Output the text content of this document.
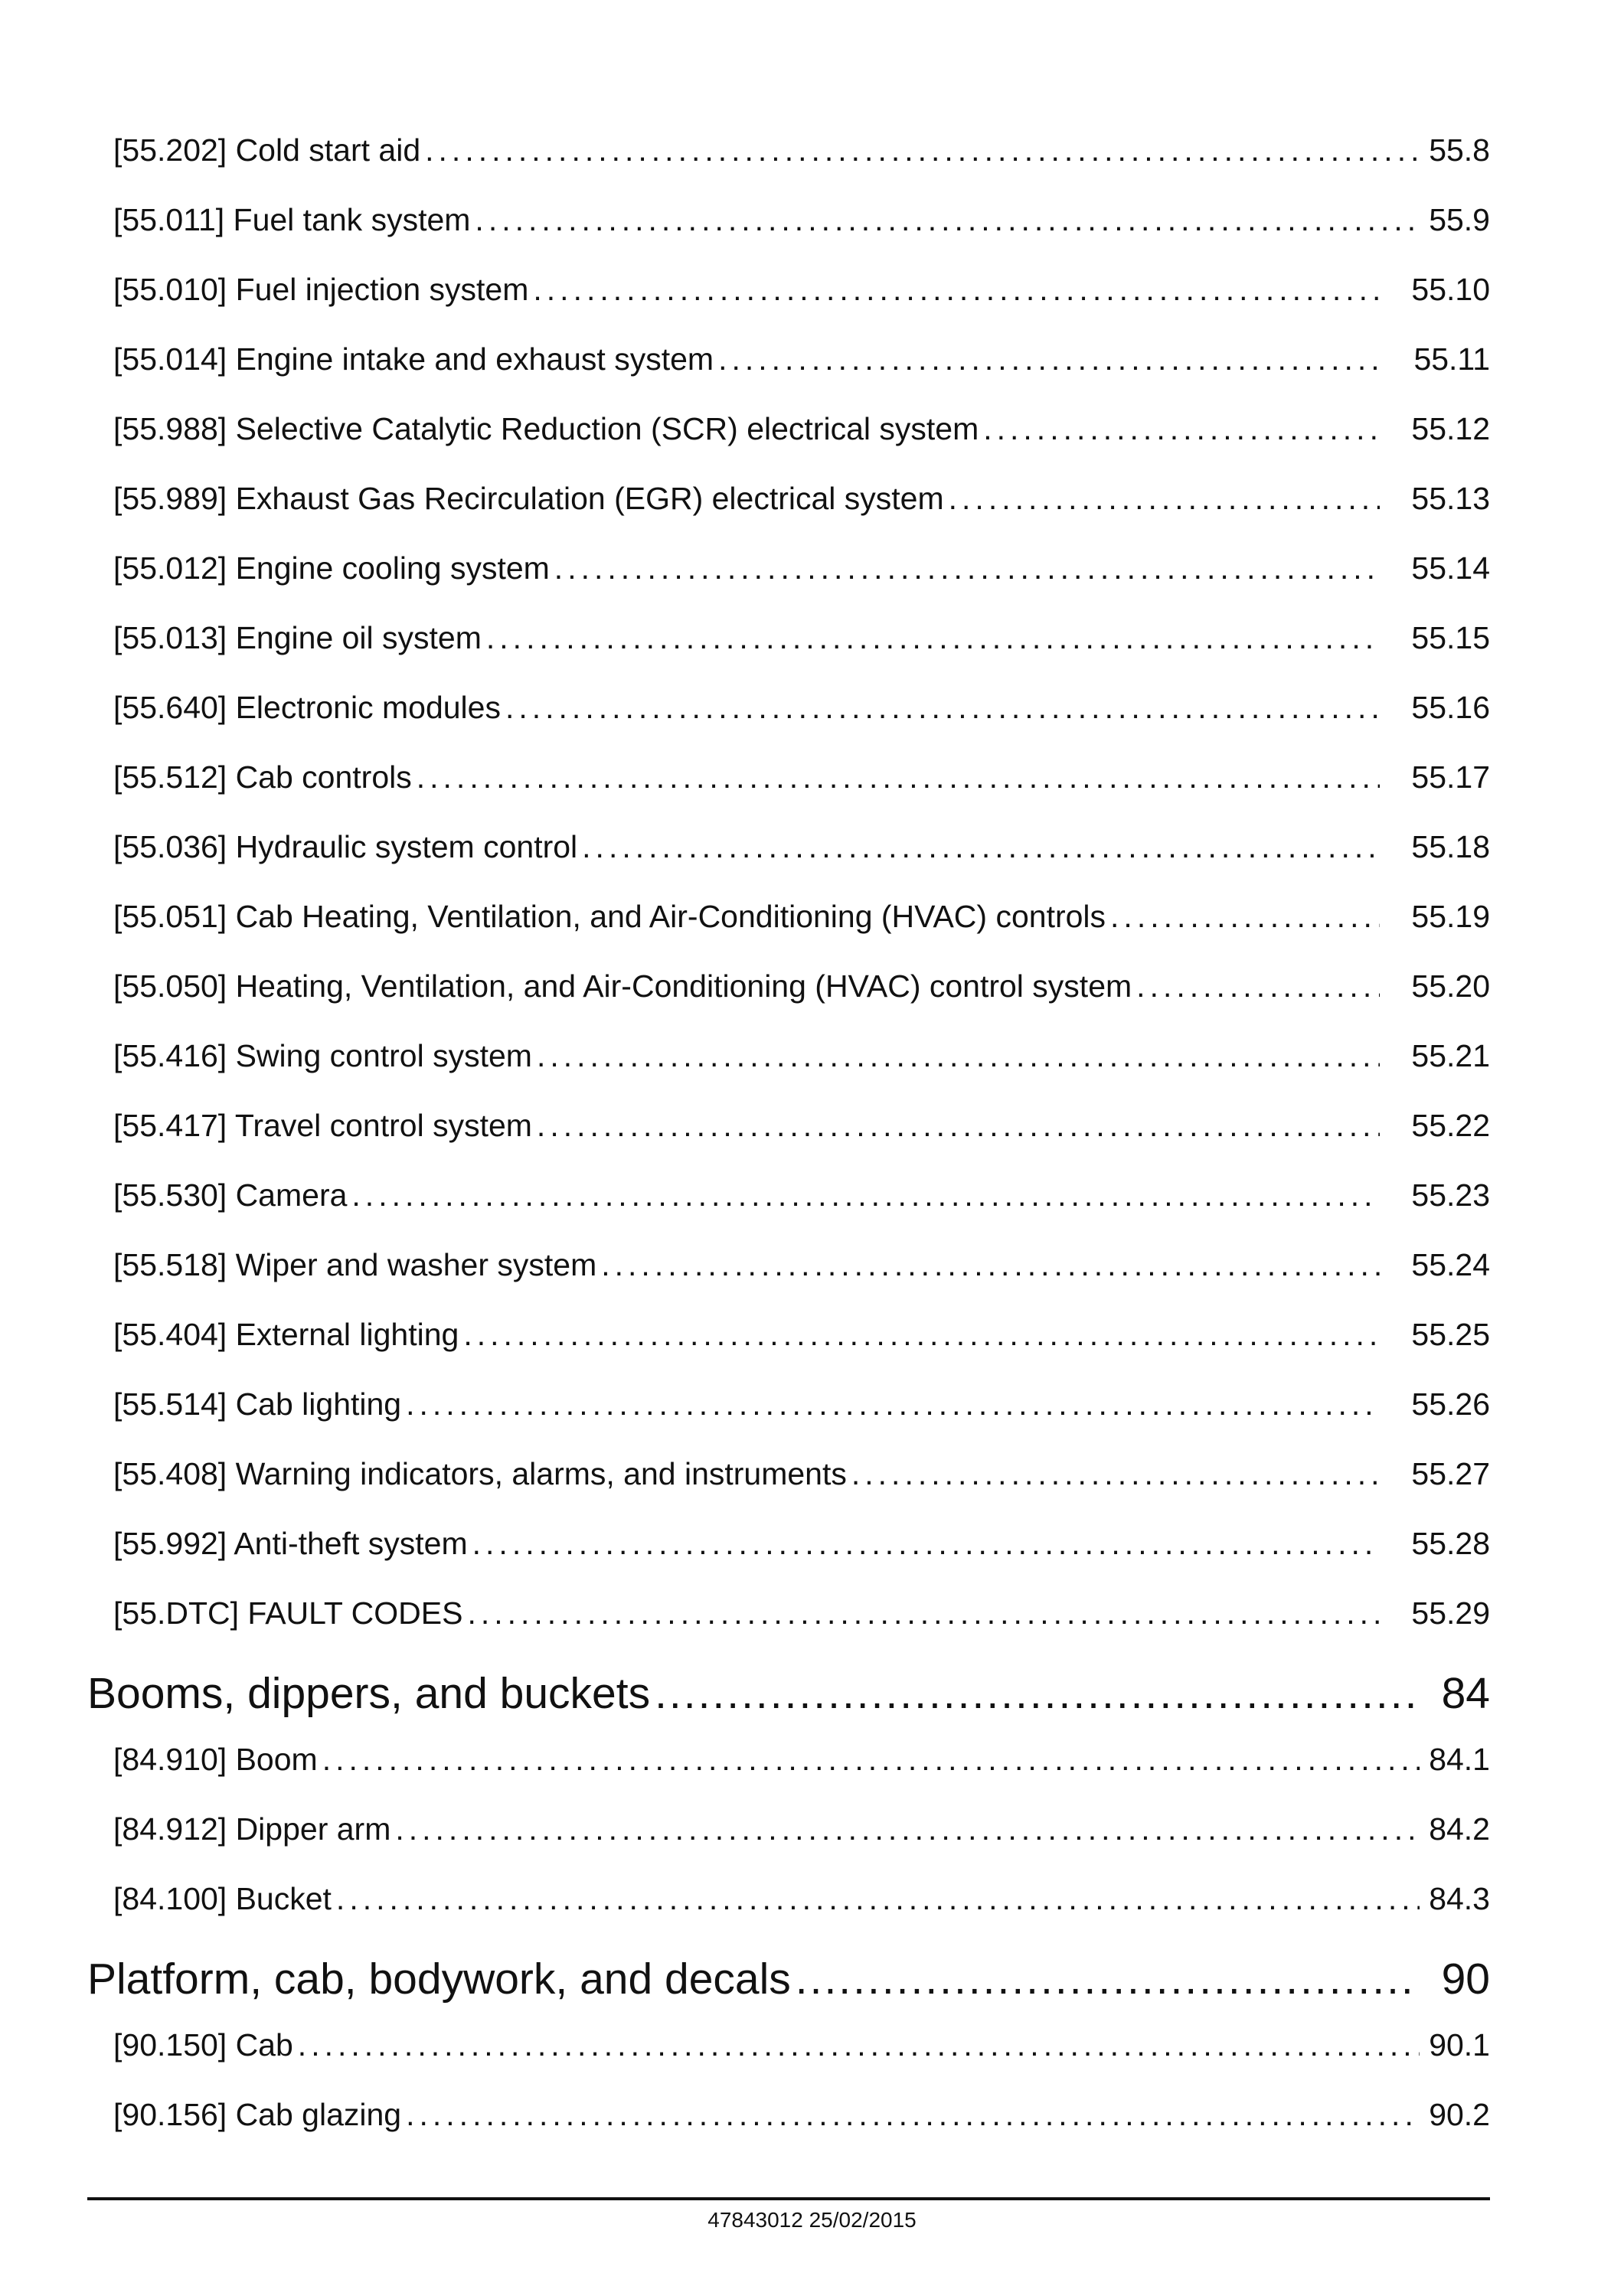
[55.202] Cold start aid .....	55.8
[55.011] Fuel tank system .....	55.9
[55.010] Fuel injection system .....	55.10
[55.014] Engine intake and exhaust system .....	55.11
[55.988] Selective Catalytic Reduction (SCR) electrical system .....	55.12
[55.989] Exhaust Gas Recirculation (EGR) electrical system .....	55.13
[55.012] Engine cooling system .....	55.14
[55.013] Engine oil system .....	55.15
[55.640] Electronic modules .....	55.16
[55.512] Cab controls .....	55.17
[55.036] Hydraulic system control .....	55.18
[55.051] Cab Heating, Ventilation, and Air-Conditioning (HVAC) controls .....	55.19
[55.050] Heating, Ventilation, and Air-Conditioning (HVAC) control system .....	55.20
[55.416] Swing control system .....	55.21
[55.417] Travel control system .....	55.22
[55.530] Camera .....	55.23
[55.518] Wiper and washer system .....	55.24
[55.404] External lighting .....	55.25
[55.514] Cab lighting .....	55.26
[55.408] Warning indicators, alarms, and instruments .....	55.27
[55.992] Anti-theft system .....	55.28
[55.DTC] FAULT CODES .....	55.29
Booms, dippers, and buckets .....	84
[84.910] Boom .....	84.1
[84.912] Dipper arm .....	84.2
[84.100] Bucket .....	84.3
Platform, cab, bodywork, and decals .....	90
[90.150] Cab .....	90.1
[90.156] Cab glazing .....	90.2
47843012 25/02/2015
